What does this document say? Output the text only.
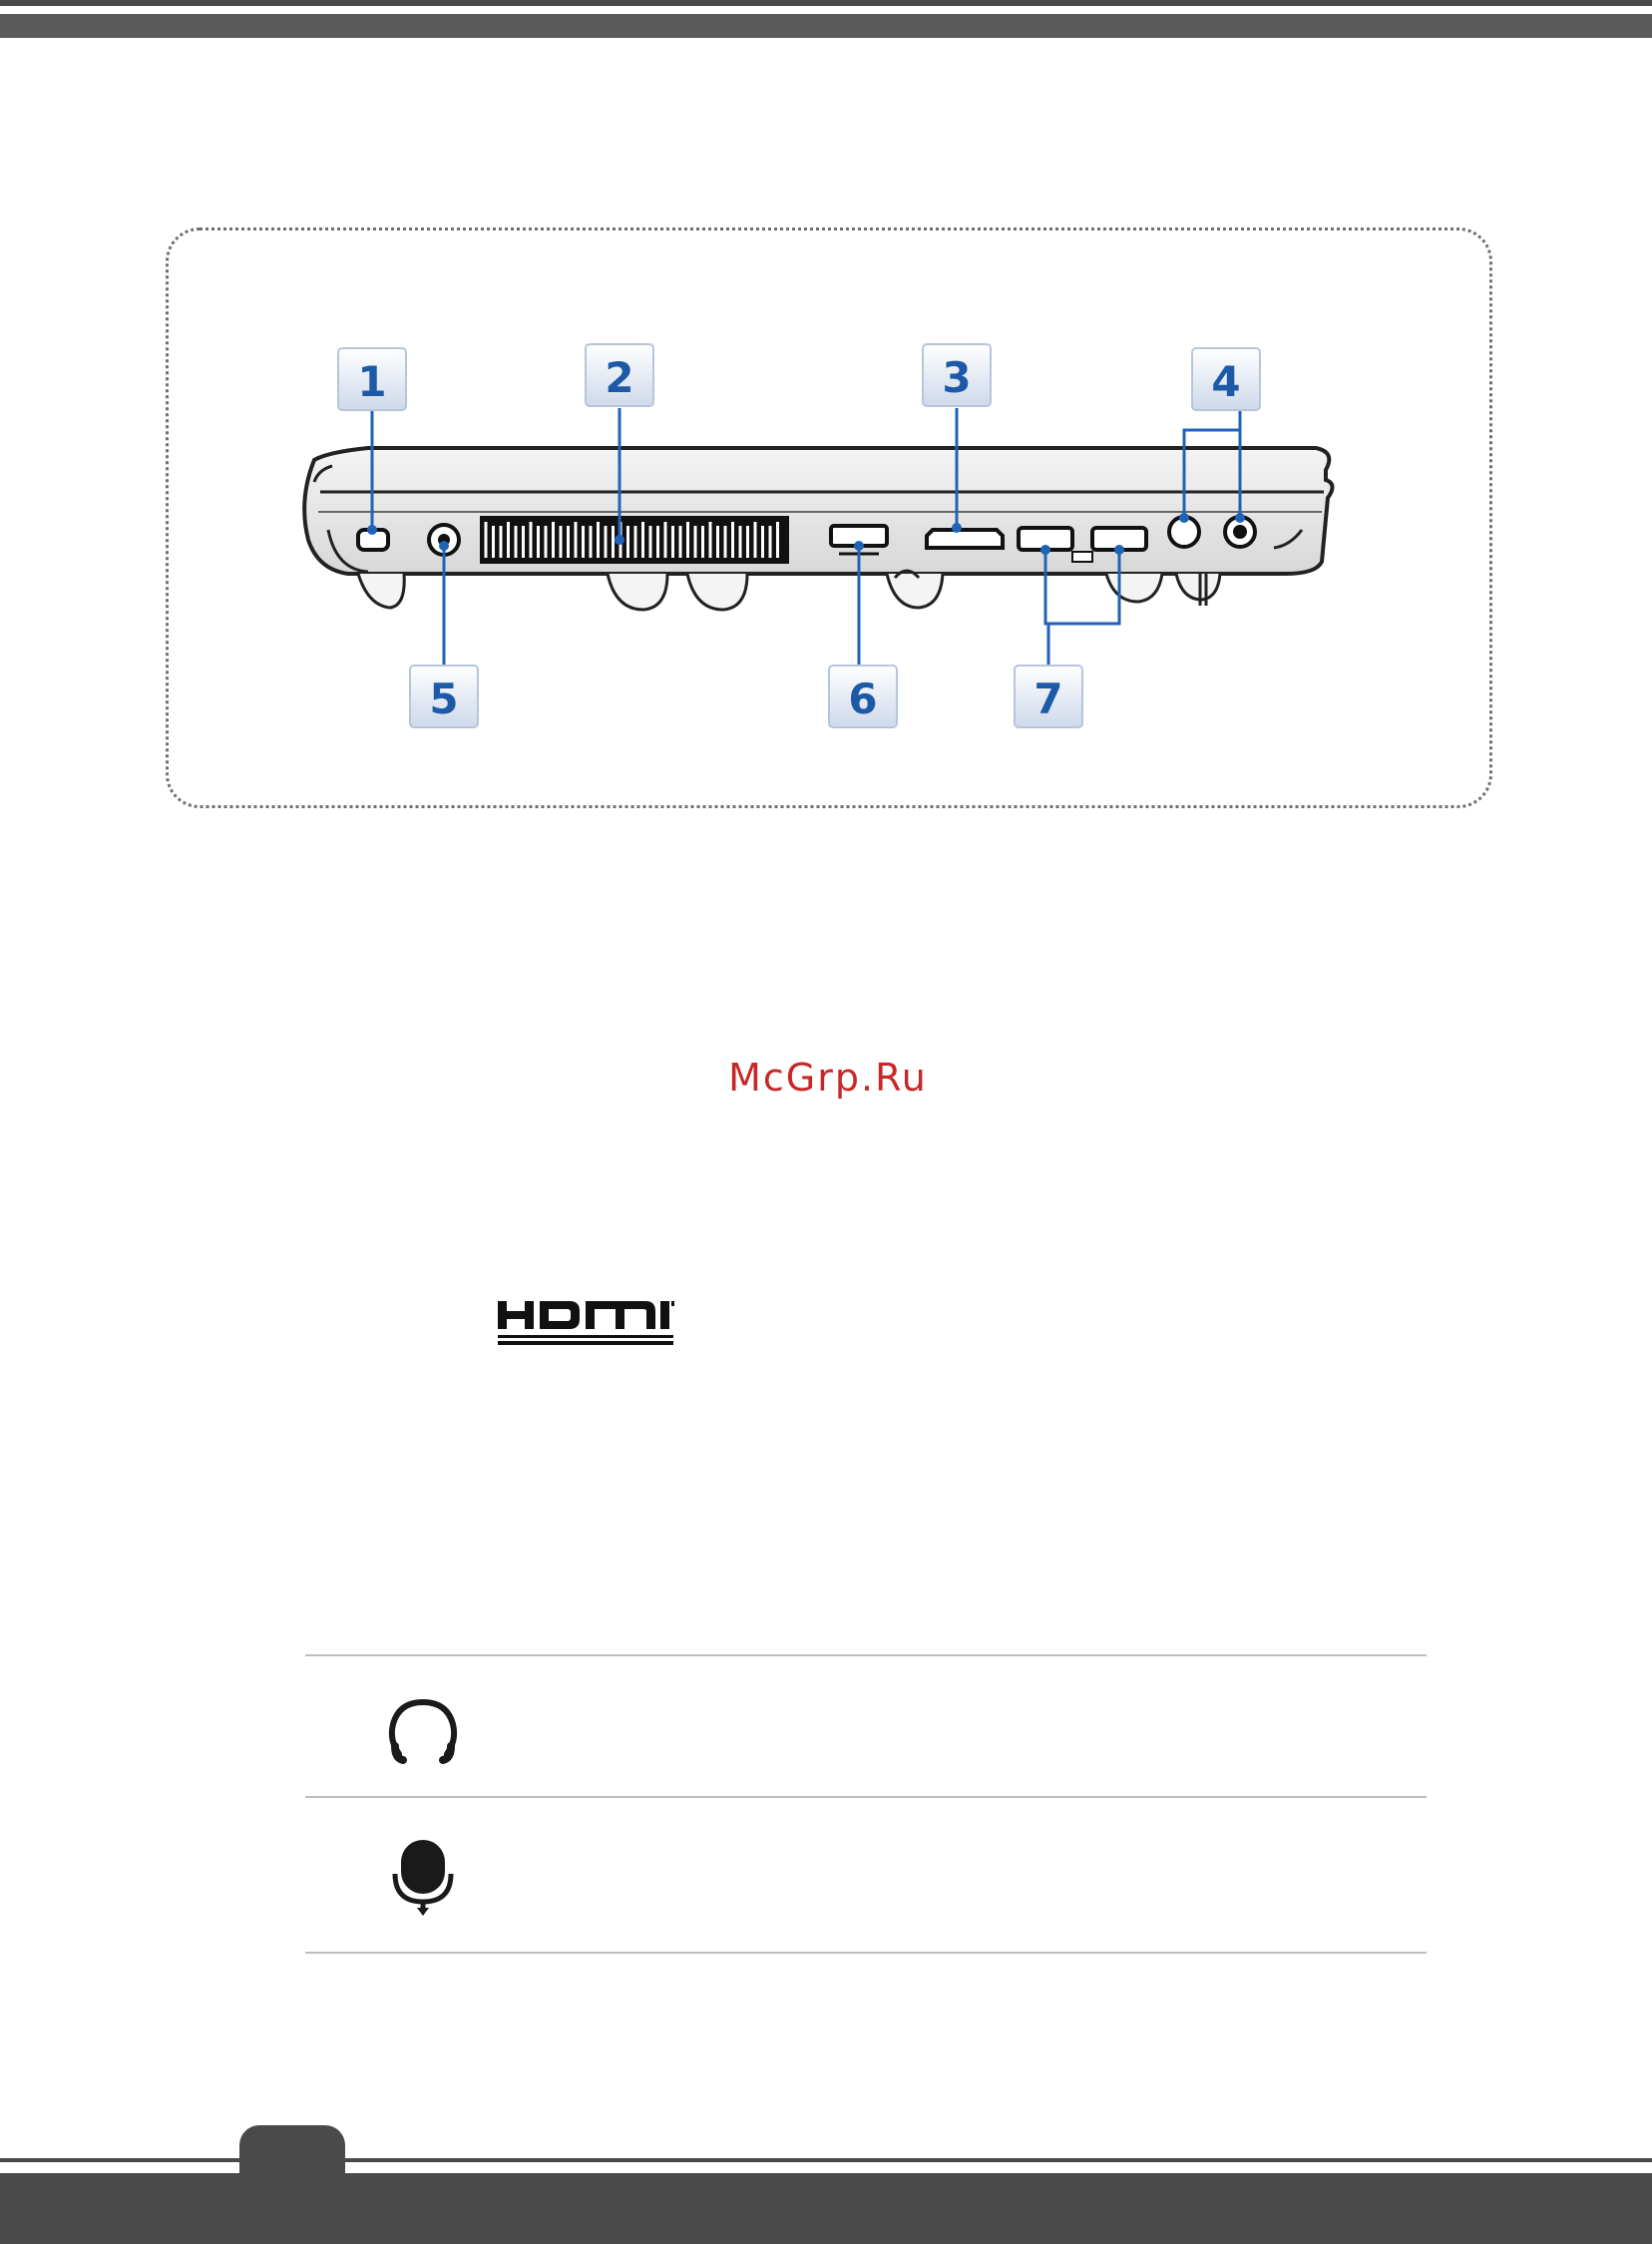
1	2	3	4
5	6	7
McGrp.Ru
